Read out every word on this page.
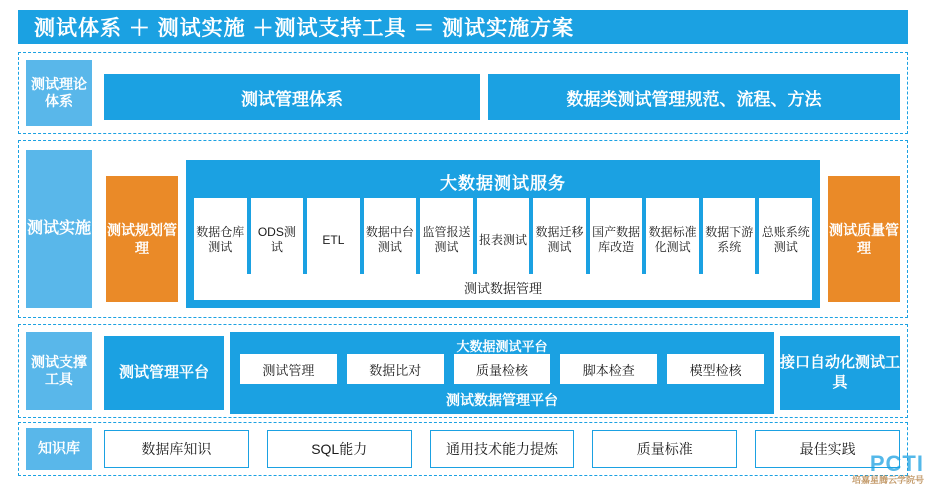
测试体系 ＋ 测试实施 ＋测试支持工具 ＝ 测试实施方案
测试理论体系	测试管理体系	数据类测试管理规范、流程、方法
测试实施 测试规划管理
测试质量管理
大数据测试服务
数据仓库测试
ODS测试
ETL
数据中台测试
监管报送测试
报表测试
数据迁移测试
国产数据库改造
数据标准化测试
数据下游系统
总账系统测试
测试数据管理
测试支撑工具	测试管理平台
接口自动化测试工具
大数据测试平台
测试管理	数据比对	质量检核	脚本检查	模型检核
测试数据管理平台
知识库	数据库知识	SQL能力	通用技术能力提炼	质量标准	最佳实践
PCTI
培嘉星腾云学院号
